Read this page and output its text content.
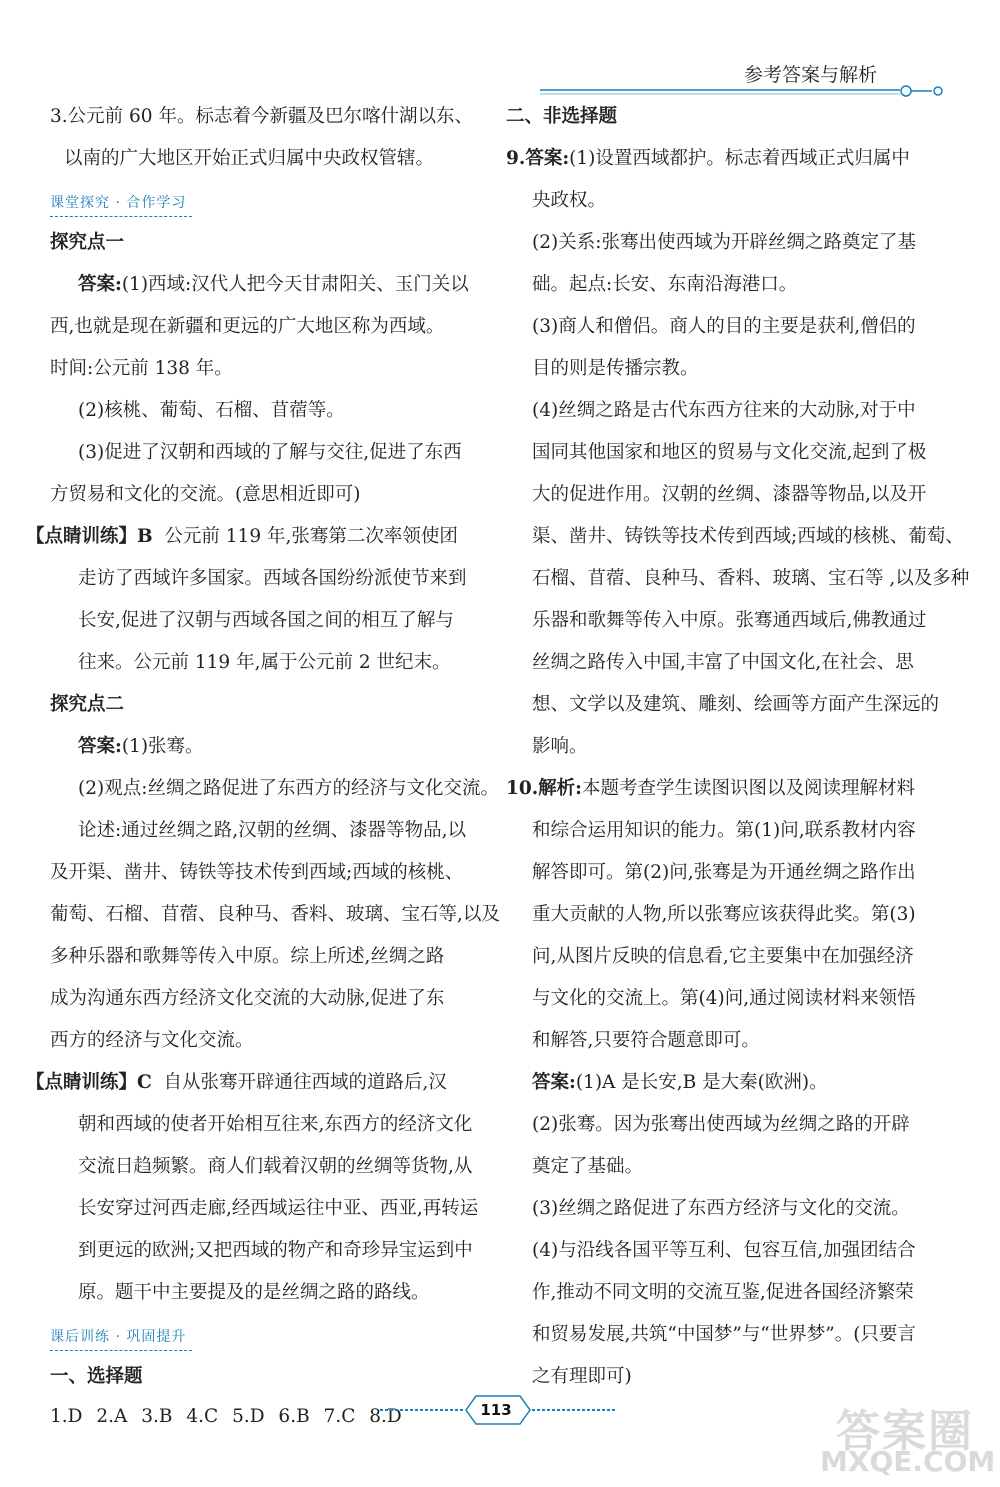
参考答案与解析
3.公元前 60 年。标志着今新疆及巴尔喀什湖以东、
以南的广大地区开始正式归属中央政权管辖。
课堂探究 · 合作学习
探究点一
答案:(1)西域:汉代人把今天甘肃阳关、玉门关以
西,也就是现在新疆和更远的广大地区称为西域。
时间:公元前 138 年。
(2)核桃、葡萄、石榴、苜蓿等。
(3)促进了汉朝和西域的了解与交往,促进了东西
方贸易和文化的交流。(意思相近即可)
【点睛训练】B 公元前 119 年,张骞第二次率领使团
走访了西域许多国家。西域各国纷纷派使节来到
长安,促进了汉朝与西域各国之间的相互了解与
往来。公元前 119 年,属于公元前 2 世纪末。
探究点二
答案:(1)张骞。
(2)观点:丝绸之路促进了东西方的经济与文化交流。
论述:通过丝绸之路,汉朝的丝绸、漆器等物品,以
及开渠、凿井、铸铁等技术传到西域;西域的核桃、
葡萄、石榴、苜蓿、良种马、香料、玻璃、宝石等,以及
多种乐器和歌舞等传入中原。综上所述,丝绸之路
成为沟通东西方经济文化交流的大动脉,促进了东
西方的经济与文化交流。
【点睛训练】C 自从张骞开辟通往西域的道路后,汉
朝和西域的使者开始相互往来,东西方的经济文化
交流日趋频繁。商人们载着汉朝的丝绸等货物,从
长安穿过河西走廊,经西域运往中亚、西亚,再转运
到更远的欧洲;又把西域的物产和奇珍异宝运到中
原。题干中主要提及的是丝绸之路的路线。
课后训练 · 巩固提升
一、选择题
1.D 2.A 3.B 4.C 5.D 6.B 7.C 8.D
二、非选择题
9.答案:(1)设置西域都护。标志着西域正式归属中
央政权。
(2)关系:张骞出使西域为开辟丝绸之路奠定了基
础。起点:长安、东南沿海港口。
(3)商人和僧侣。商人的目的主要是获利,僧侣的
目的则是传播宗教。
(4)丝绸之路是古代东西方往来的大动脉,对于中
国同其他国家和地区的贸易与文化交流,起到了极
大的促进作用。汉朝的丝绸、漆器等物品,以及开
渠、凿井、铸铁等技术传到西域;西域的核桃、葡萄、
石榴、苜蓿、良种马、香料、玻璃、宝石等 ,以及多种
乐器和歌舞等传入中原。张骞通西域后,佛教通过
丝绸之路传入中国,丰富了中国文化,在社会、思
想、文学以及建筑、雕刻、绘画等方面产生深远的
影响。
10.解析:本题考查学生读图识图以及阅读理解材料
和综合运用知识的能力。第(1)问,联系教材内容
解答即可。第(2)问,张骞是为开通丝绸之路作出
重大贡献的人物,所以张骞应该获得此奖。第(3)
问,从图片反映的信息看,它主要集中在加强经济
与文化的交流上。第(4)问,通过阅读材料来领悟
和解答,只要符合题意即可。
答案:(1)A 是长安,B 是大秦(欧洲)。
(2)张骞。因为张骞出使西域为丝绸之路的开辟
奠定了基础。
(3)丝绸之路促进了东西方经济与文化的交流。
(4)与沿线各国平等互利、包容互信,加强团结合
作,推动不同文明的交流互鉴,促进各国经济繁荣
和贸易发展,共筑“中国梦”与“世界梦”。(只要言
之有理即可)
113	答案圈
MXQE.COM
